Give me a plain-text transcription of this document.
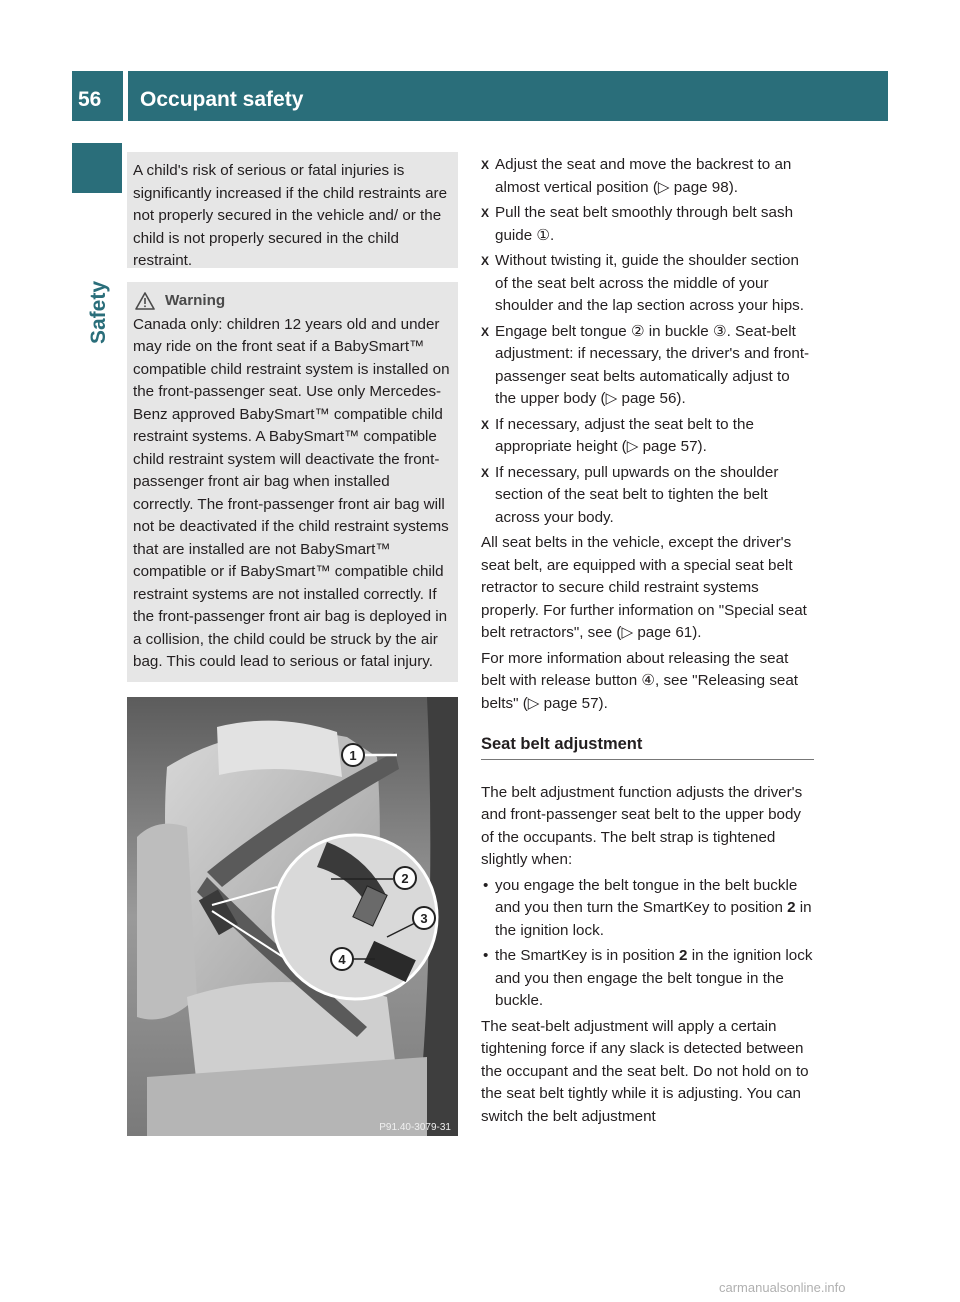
56 Occupant safety
Safety

A child's risk of serious or fatal injuries is significantly increased if the child restraints are not properly secured in the vehicle and/ or the child is not properly secured in the child restraint.

Warning

Canada only: children 12 years old and under may ride on the front seat if a BabySmart™ compatible child restraint system is installed on the front-passenger seat. Use only Mercedes-Benz approved BabySmart™ compatible child restraint systems. A BabySmart™ compatible child restraint system will deactivate the front-passenger front air bag when installed correctly. The front-passenger front air bag will not be deactivated if the child restraint systems that are installed are not BabySmart™ compatible or if BabySmart™ compatible child restraint systems are not installed correctly. If the front-passenger front air bag is deployed in a collision, the child could be struck by the air bag. This could lead to serious or fatal injury.

1
2
3
4
P91.40-3079-31
X Adjust the seat and move the backrest to an almost vertical position (▷ page 98).
X Pull the seat belt smoothly through belt sash guide ①.
X Without twisting it, guide the shoulder section of the seat belt across the middle of your shoulder and the lap section across your hips.
X Engage belt tongue ② in buckle ③. Seat-belt adjustment: if necessary, the driver's and front-passenger seat belts automatically adjust to the upper body (▷ page 56).
X If necessary, adjust the seat belt to the appropriate height (▷ page 57).
X If necessary, pull upwards on the shoulder section of the seat belt to tighten the belt across your body.

All seat belts in the vehicle, except the driver's seat belt, are equipped with a special seat belt retractor to secure child restraint systems properly. For further information on "Special seat belt retractors", see (▷ page 61).

For more information about releasing the seat belt with release button ④, see "Releasing seat belts" (▷ page 57).

Seat belt adjustment

The belt adjustment function adjusts the driver's and front-passenger seat belt to the upper body of the occupants. The belt strap is tightened slightly when:

• you engage the belt tongue in the belt buckle and you then turn the SmartKey to position 2 in the ignition lock.
• the SmartKey is in position 2 in the ignition lock and you then engage the belt tongue in the buckle.

The seat-belt adjustment will apply a certain tightening force if any slack is detected between the occupant and the seat belt. Do not hold on to the seat belt tightly while it is adjusting. You can switch the belt adjustment

carmanualsonline.info
